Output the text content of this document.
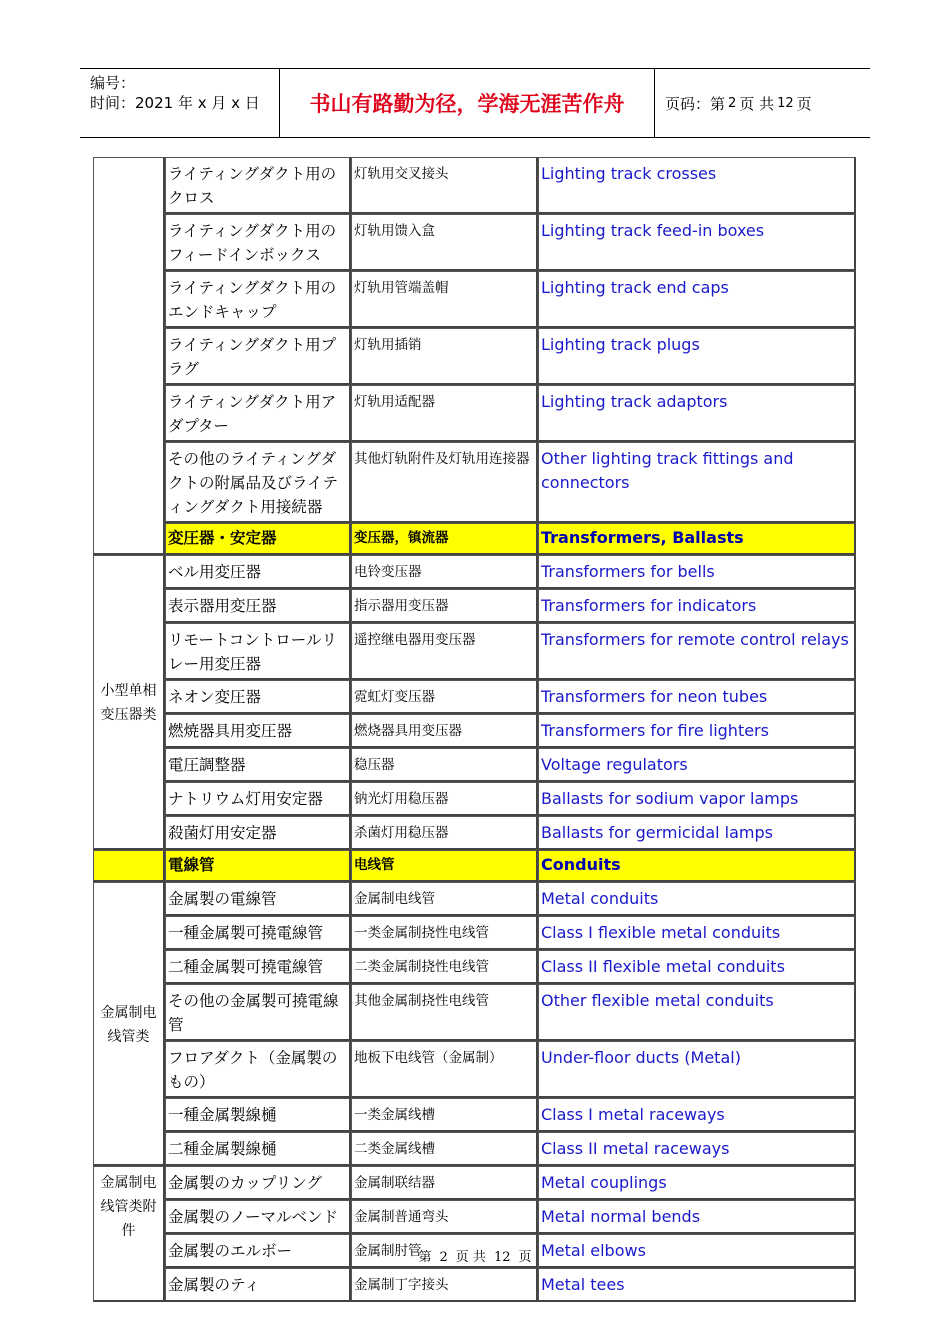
编号：
时间：2021 年 x 月 x 日	书山有路勤为径，学海无涯苦作舟	页码：第 2 页 共 12 页
	ライティングダクト用のクロス	灯轨用交叉接头	Lighting track crosses
	ライティングダクト用のフィードインボックス	灯轨用馈入盒	Lighting track feed-in boxes
	ライティングダクト用のエンドキャップ	灯轨用管端盖帽	Lighting track end caps
	ライティングダクト用プラグ	灯轨用插销	Lighting track plugs
	ライティングダクト用アダプター	灯轨用适配器	Lighting track adaptors
	その他のライティングダクトの附属品及びライティングダクト用接続器	其他灯轨附件及灯轨用连接器	Other lighting track fittings and connectors
	変圧器・安定器	变压器，镇流器	Transformers, Ballasts
小型单相变压器类	ベル用変圧器	电铃变压器	Transformers for bells
	表示器用変圧器	指示器用变压器	Transformers for indicators
	リモートコントロールリレー用変圧器	遥控继电器用变压器	Transformers for remote control relays
	ネオン変圧器	霓虹灯变压器	Transformers for neon tubes
	燃焼器具用変圧器	燃烧器具用变压器	Transformers for fire lighters
	電圧調整器	稳压器	Voltage regulators
	ナトリウム灯用安定器	钠光灯用稳压器	Ballasts for sodium vapor lamps
	殺菌灯用安定器	杀菌灯用稳压器	Ballasts for germicidal lamps
	電線管	电线管	Conduits
金属制电线管类	金属製の電線管	金属制电线管	Metal conduits
	一種金属製可撓電線管	一类金属制挠性电线管	Class I flexible metal conduits
	二種金属製可撓電線管	二类金属制挠性电线管	Class II flexible metal conduits
	その他の金属製可撓電線管	其他金属制挠性电线管	Other flexible metal conduits
	フロアダクト（金属製のもの）	地板下电线管（金属制）	Under-floor ducts (Metal)
	一種金属製線樋	一类金属线槽	Class I metal raceways
	二種金属製線樋	二类金属线槽	Class II metal raceways
金属制电线管类附件	金属製のカップリング	金属制联结器	Metal couplings
	金属製のノーマルベンド	金属制普通弯头	Metal normal bends
	金属製のエルボー	金属制肘管	Metal elbows
	金属製のティ	金属制丁字接头	Metal tees
第 2 页 共 12 页
